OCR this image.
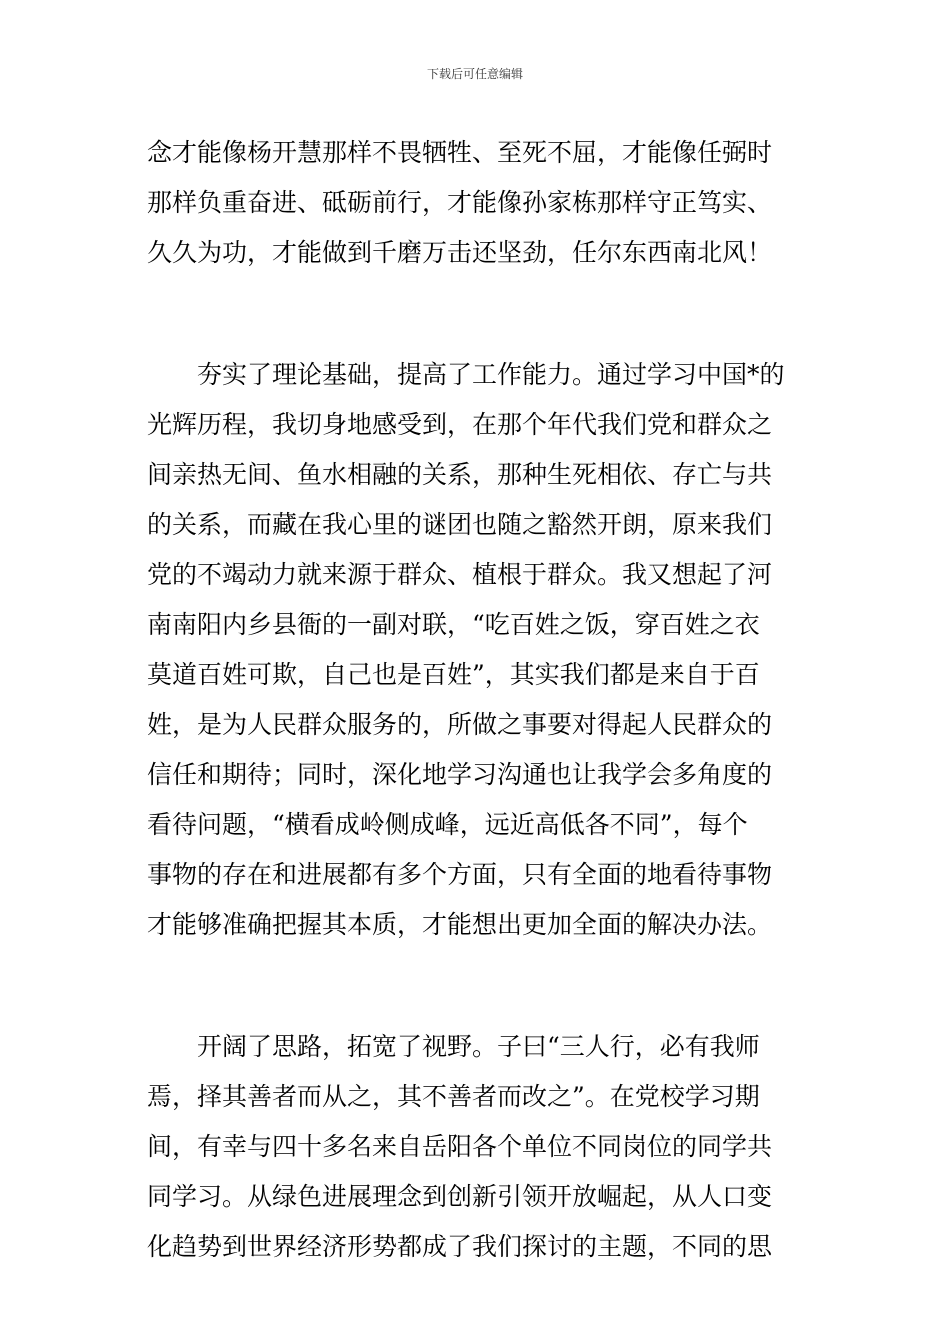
下载后可任意编辑
念才能像杨开慧那样不畏牺牲、至死不屈，才能像任弼时
那样负重奋进、砥砺前行，才能像孙家栋那样守正笃实、
久久为功，才能做到千磨万击还坚劲，任尔东西南北风！
夯实了理论基础，提高了工作能力。通过学习中国*的
光辉历程，我切身地感受到，在那个年代我们党和群众之
间亲热无间、鱼水相融的关系，那种生死相依、存亡与共
的关系，而藏在我心里的谜团也随之豁然开朗，原来我们
党的不竭动力就来源于群众、植根于群众。我又想起了河
南南阳内乡县衙的一副对联，“吃百姓之饭，穿百姓之衣
莫道百姓可欺，自己也是百姓”，其实我们都是来自于百
姓，是为人民群众服务的，所做之事要对得起人民群众的
信任和期待；同时，深化地学习沟通也让我学会多角度的
看待问题，“横看成岭侧成峰，远近高低各不同”，每个
事物的存在和进展都有多个方面，只有全面的地看待事物
才能够准确把握其本质，才能想出更加全面的解决办法。
开阔了思路，拓宽了视野。子曰“三人行，必有我师
焉，择其善者而从之，其不善者而改之”。在党校学习期
间，有幸与四十多名来自岳阳各个单位不同岗位的同学共
同学习。从绿色进展理念到创新引领开放崛起，从人口变
化趋势到世界经济形势都成了我们探讨的主题，不同的思
